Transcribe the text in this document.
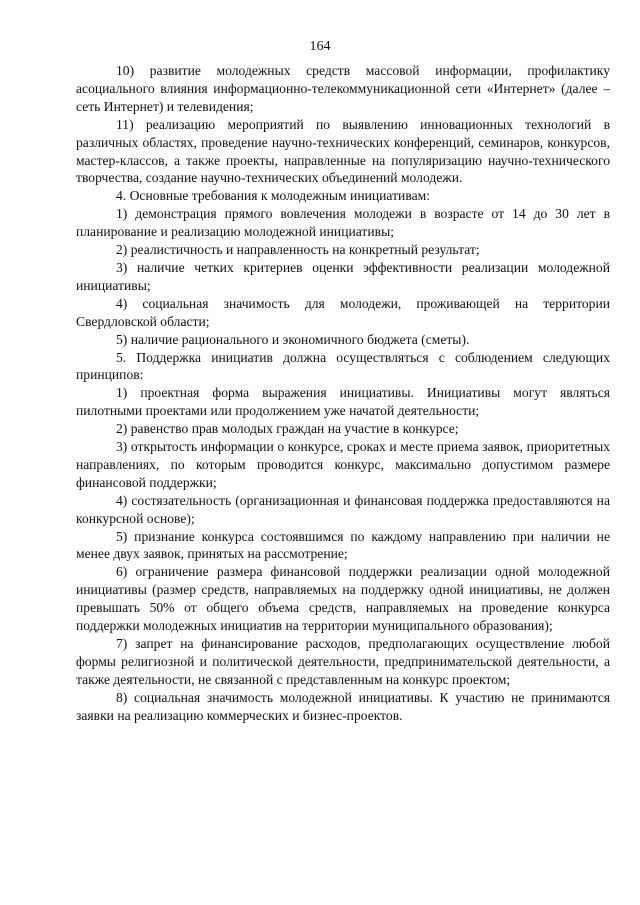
164

10) развитие молодежных средств массовой информации, профилактику асоциального влияния информационно-телекоммуникационной сети «Интернет» (далее – сеть Интернет) и телевидения;

11) реализацию мероприятий по выявлению инновационных технологий в различных областях, проведение научно-технических конференций, семинаров, конкурсов, мастер-классов, а также проекты, направленные на популяризацию научно-технического творчества, создание научно-технических объединений молодежи.

4. Основные требования к молодежным инициативам:

1) демонстрация прямого вовлечения молодежи в возрасте от 14 до 30 лет в планирование и реализацию молодежной инициативы;

2) реалистичность и направленность на конкретный результат;

3) наличие четких критериев оценки эффективности реализации молодежной инициативы;

4) социальная значимость для молодежи, проживающей на территории Свердловской области;

5) наличие рационального и экономичного бюджета (сметы).

5. Поддержка инициатив должна осуществляться с соблюдением следующих принципов:

1) проектная форма выражения инициативы. Инициативы могут являться пилотными проектами или продолжением уже начатой деятельности;

2) равенство прав молодых граждан на участие в конкурсе;

3) открытость информации о конкурсе, сроках и месте приема заявок, приоритетных направлениях, по которым проводится конкурс, максимально допустимом размере финансовой поддержки;

4) состязательность (организационная и финансовая поддержка предоставляются на конкурсной основе);

5) признание конкурса состоявшимся по каждому направлению при наличии не менее двух заявок, принятых на рассмотрение;

6) ограничение размера финансовой поддержки реализации одной молодежной инициативы (размер средств, направляемых на поддержку одной инициативы, не должен превышать 50% от общего объема средств, направляемых на проведение конкурса поддержки молодежных инициатив на территории муниципального образования);

7) запрет на финансирование расходов, предполагающих осуществление любой формы религиозной и политической деятельности, предпринимательской деятельности, а также деятельности, не связанной с представленным на конкурс проектом;

8) социальная значимость молодежной инициативы. К участию не принимаются заявки на реализацию коммерческих и бизнес-проектов.
